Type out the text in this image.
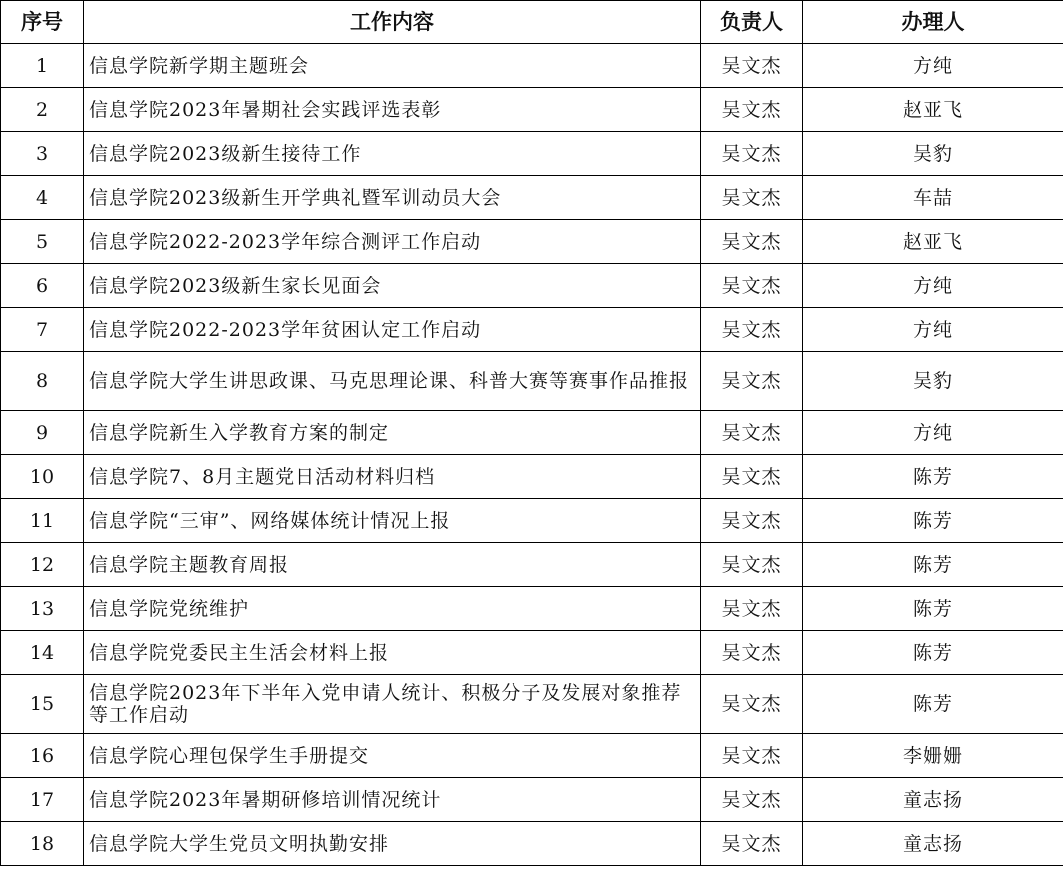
序号	工作内容	负责人	办理人
1	信息学院新学期主题班会	吴文杰	方纯
2	信息学院2023年暑期社会实践评选表彰	吴文杰	赵亚飞
3	信息学院2023级新生接待工作	吴文杰	吴豹
4	信息学院2023级新生开学典礼暨军训动员大会	吴文杰	车喆
5	信息学院2022-2023学年综合测评工作启动	吴文杰	赵亚飞
6	信息学院2023级新生家长见面会	吴文杰	方纯
7	信息学院2022-2023学年贫困认定工作启动	吴文杰	方纯
8	信息学院大学生讲思政课、马克思理论课、科普大赛等赛事作品推报	吴文杰	吴豹
9	信息学院新生入学教育方案的制定	吴文杰	方纯
10	信息学院7、8月主题党日活动材料归档	吴文杰	陈芳
11	信息学院“三审”、网络媒体统计情况上报	吴文杰	陈芳
12	信息学院主题教育周报	吴文杰	陈芳
13	信息学院党统维护	吴文杰	陈芳
14	信息学院党委民主生活会材料上报	吴文杰	陈芳
15	信息学院2023年下半年入党申请人统计、积极分子及发展对象推荐等工作启动	吴文杰	陈芳
16	信息学院心理包保学生手册提交	吴文杰	李姗姗
17	信息学院2023年暑期研修培训情况统计	吴文杰	童志扬
18	信息学院大学生党员文明执勤安排	吴文杰	童志扬
